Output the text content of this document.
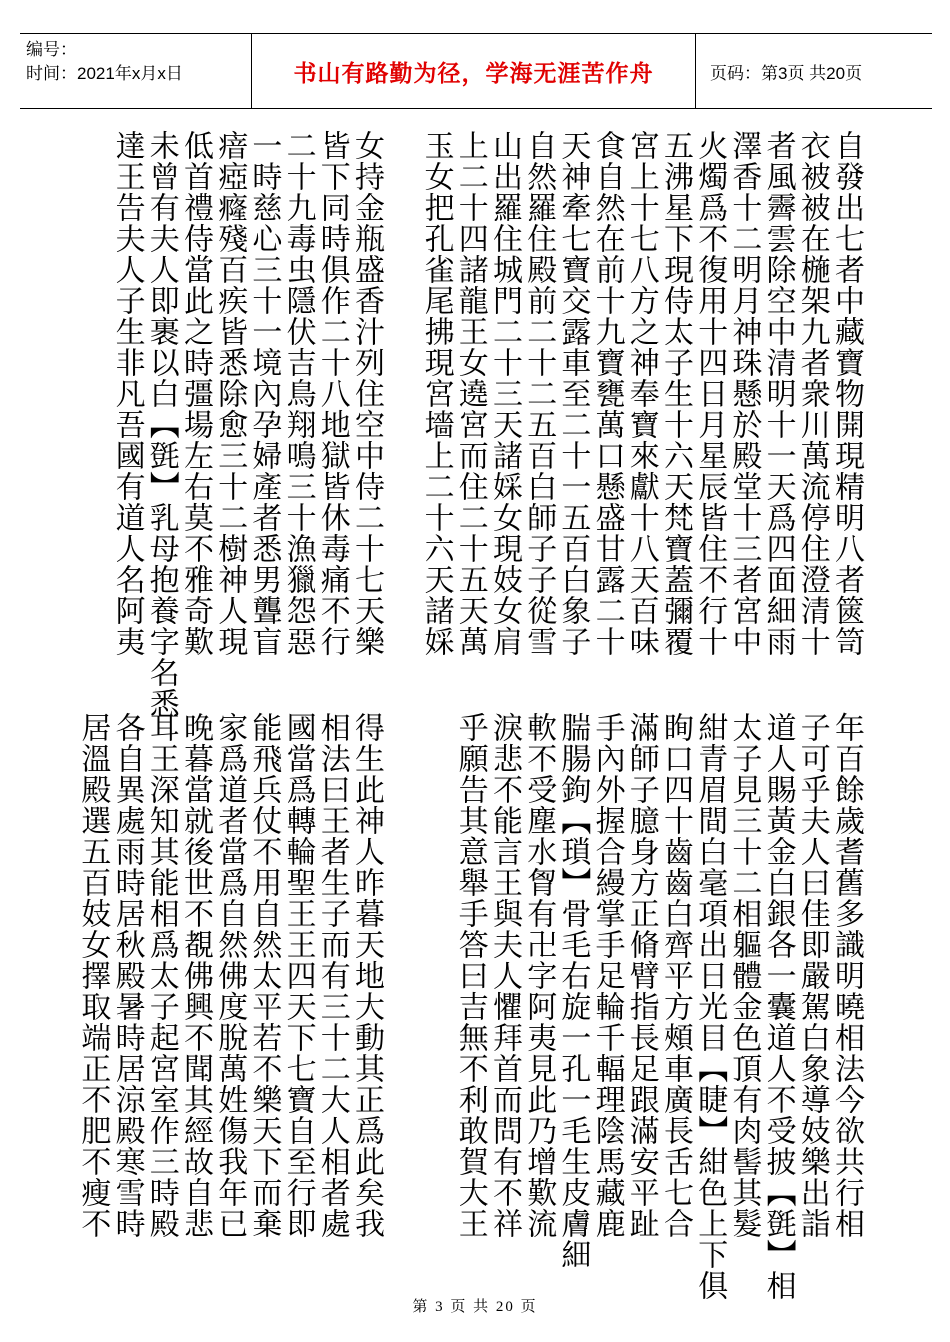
编号：
时间：2021年x月x日	书山有路勤为径，学海无涯苦作舟	页码：第3页 共20页
自發出七者中藏寶物開現精明八者篋笥
衣被被在椸架九者衆川萬流停住澄清十
者風霽雲除空中清明十一天爲四面細雨
澤香十二明月神珠懸於殿堂十三者宮中
火燭爲不復用十四日月星辰皆住不行十
五沸星下現侍太子生十六天梵寶蓋彌覆
宮上十七八方之神奉寶來獻十八天百味
食自然在前十九寶甕萬口懸盛甘露二十
天神牽七寶交露車至二十一五百白象子
自然羅住殿前二十二五百白師子子從雪
山出羅住城門二十三天諸婇女現妓女肩
上二十四諸龍王女遶宮而住二十五天萬
玉女把孔雀尾拂現宮墻上二十六天諸婇
女持金瓶盛香汁列住空中侍二十七天樂
皆下同時俱作二十八地獄皆休毒痛不行
二十九毒虫隱伏吉鳥翔鳴三十漁獵怨惡
一時慈心三十一境內孕婦產者悉男聾盲
瘖瘂癃殘百疾皆悉除愈三十二樹神人現
低首禮侍當此之時彊場左右莫不雅奇歎
未曾有夫人即裹以白【㲪】乳母抱養字名悉
達王告夫人子生非凡吾國有道人名阿夷
年百餘歲耆舊多識明曉相法今欲共行相
子可乎夫人曰佳即嚴駕白象導妓樂出詣
道人賜黃金白銀各一囊道人不受披【㲪】相
太子見三十二相軀體金色頂有肉髻其髮
紺青眉間白毫項出日光目【睫】紺色上下俱
眴口四十齒齒白齊平方頰車廣長舌七合
滿師子臆身方正脩臂指長足跟滿安平趾
手內外握合縵掌手足輪千輻理陰馬藏鹿
腨腸鉤【瑣】骨毛右旋一孔一毛生皮膚細
軟不受塵水胷有卍字阿夷見此乃增歎流
淚悲不能言王與夫人懼拜首而問有不祥
乎願告其意舉手答曰吉無不利敢賀大王
得生此神人昨暮天地大動其正爲此矣我
相法曰王者生子而有三十二大人相者處
國當爲轉輪聖王王四天下七寶自至行即
能飛兵仗不用自然太平若不樂天下而棄
家爲道者當爲自然佛度脫萬姓傷我年已
晚暮當就後世不覩佛興不聞其經故自悲
耳王深知其能相爲太子起宮室作三時殿
各自異處雨時居秋殿暑時居涼殿寒雪時
居溫殿選五百妓女擇取端正不肥不瘦不
第 3 页 共 20 页
